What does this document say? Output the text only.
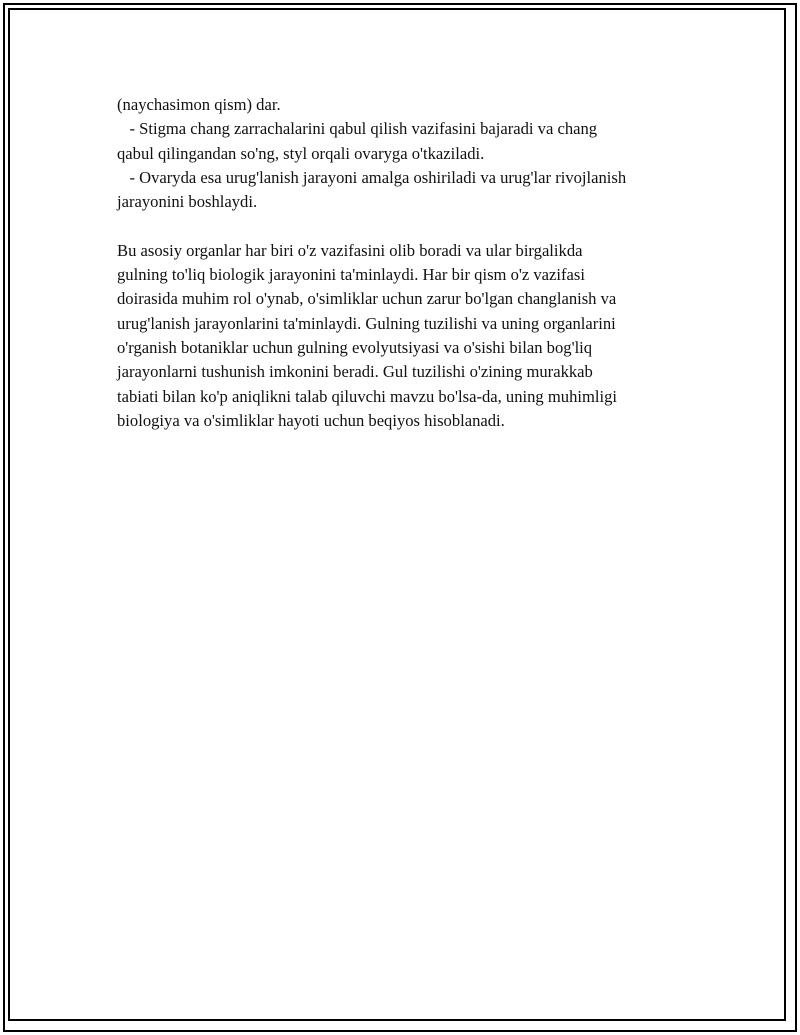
(naychasimon qism) dar.
- Stigma chang zarrachalarini qabul qilish vazifasini bajaradi va chang
qabul qilingandan so'ng, styl orqali ovaryga o'tkaziladi.
- Ovaryda esa urug'lanish jarayoni amalga oshiriladi va urug'lar rivojlanish
jarayonini boshlaydi.
Bu asosiy organlar har biri o'z vazifasini olib boradi va ular birgalikda
gulning to'liq biologik jarayonini ta'minlaydi. Har bir qism o'z vazifasi
doirasida muhim rol o'ynab, o'simliklar uchun zarur bo'lgan changlanish va
urug'lanish jarayonlarini ta'minlaydi. Gulning tuzilishi va uning organlarini
o'rganish botaniklar uchun gulning evolyutsiyasi va o'sishi bilan bog'liq
jarayonlarni tushunish imkonini beradi. Gul tuzilishi o'zining murakkab
tabiati bilan ko'p aniqlikni talab qiluvchi mavzu bo'lsa-da, uning muhimligi
biologiya va o'simliklar hayoti uchun beqiyos hisoblanadi.
